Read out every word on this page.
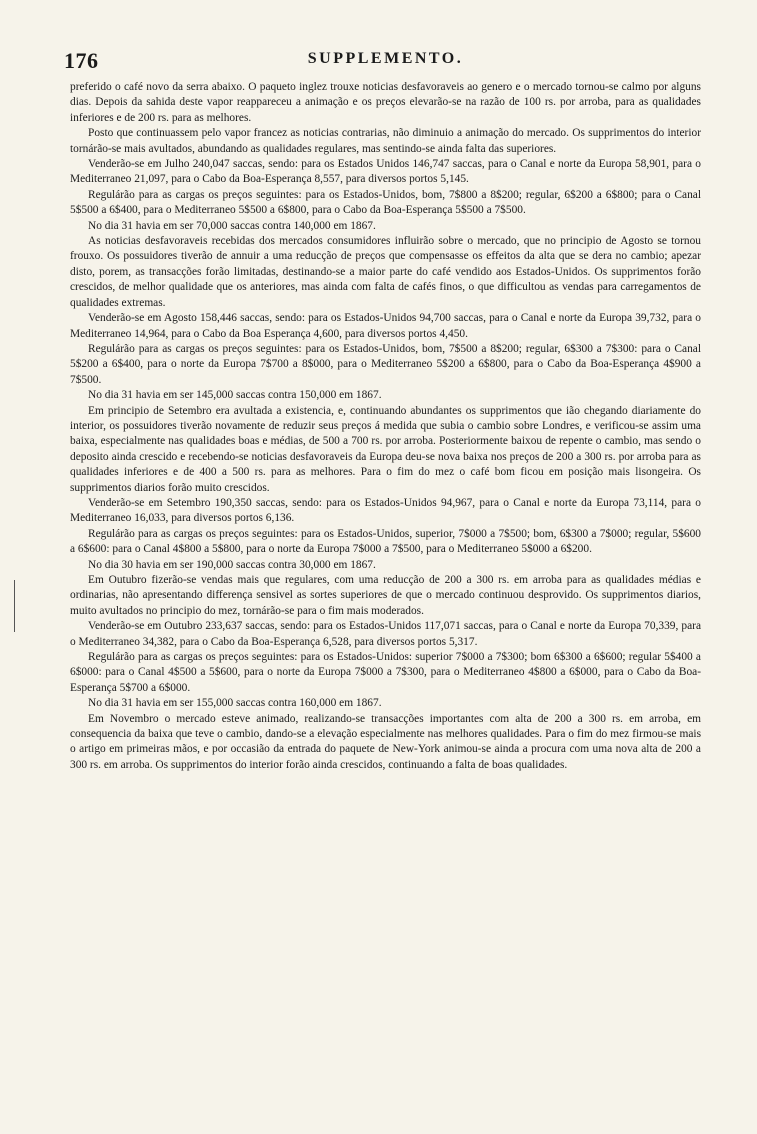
176	SUPPLEMENTO.

preferido o café novo da serra abaixo. O paqueto inglez trouxe noticias desfavoraveis ao genero e o mercado tornou-se calmo por alguns dias. Depois da sahida deste vapor reappareceu a animação e os preços elevarão-se na razão de 100 rs. por arroba, para as qualidades inferiores e de 200 rs. para as melhores.

Posto que continuassem pelo vapor francez as noticias contrarias, não diminuio a animação do mercado. Os supprimentos do interior tornárão-se mais avultados, abundando as qualidades regulares, mas sentindo-se ainda falta das superiores.

Venderão-se em Julho 240,047 saccas, sendo: para os Estados Unidos 146,747 saccas, para o Canal e norte da Europa 58,901, para o Mediterraneo 21,097, para o Cabo da Boa-Esperança 8,557, para diversos portos 5,145.

Regulárão para as cargas os preços seguintes: para os Estados-Unidos, bom, 7$800 a 8$200; regular, 6$200 a 6$800; para o Canal 5$500 a 6$400, para o Mediterraneo 5$500 a 6$800, para o Cabo da Boa-Esperança 5$500 a 7$500.

No dia 31 havia em ser 70,000 saccas contra 140,000 em 1867.

As noticias desfavoraveis recebidas dos mercados consumidores influirão sobre o mercado, que no principio de Agosto se tornou frouxo. Os possuidores tiverão de annuir a uma reducção de preços que compensasse os effeitos da alta que se dera no cambio; apezar disto, porem, as transacções forão limitadas, destinando-se a maior parte do café vendido aos Estados-Unidos. Os supprimentos forão crescidos, de melhor qualidade que os anteriores, mas ainda com falta de cafés finos, o que difficultou as vendas para carregamentos de qualidades extremas.

Venderão-se em Agosto 158,446 saccas, sendo: para os Estados-Unidos 94,700 saccas, para o Canal e norte da Europa 39,732, para o Mediterraneo 14,964, para o Cabo da Boa Esperança 4,600, para diversos portos 4,450.

Regulárão para as cargas os preços seguintes: para os Estados-Unidos, bom, 7$500 a 8$200; regular, 6$300 a 7$300: para o Canal 5$200 a 6$400, para o norte da Europa 7$700 a 8$000, para o Mediterraneo 5$200 a 6$800, para o Cabo da Boa-Esperança 4$900 a 7$500.

No dia 31 havia em ser 145,000 saccas contra 150,000 em 1867.

Em principio de Setembro era avultada a existencia, e, continuando abundantes os supprimentos que ião chegando diariamente do interior, os possuidores tiverão novamente de reduzir seus preços á medida que subia o cambio sobre Londres, e verificou-se assim uma baixa, especialmente nas qualidades boas e médias, de 500 a 700 rs. por arroba. Posteriormente baixou de repente o cambio, mas sendo o deposito ainda crescido e recebendo-se noticias desfavoraveis da Europa deu-se nova baixa nos preços de 200 a 300 rs. por arroba para as qualidades inferiores e de 400 a 500 rs. para as melhores. Para o fim do mez o café bom ficou em posição mais lisongeira. Os supprimentos diarios forão muito crescidos.

Venderão-se em Setembro 190,350 saccas, sendo: para os Estados-Unidos 94,967, para o Canal e norte da Europa 73,114, para o Mediterraneo 16,033, para diversos portos 6,136.

Regulárão para as cargas os preços seguintes: para os Estados-Unidos, superior, 7$000 a 7$500; bom, 6$300 a 7$000; regular, 5$600 a 6$600: para o Canal 4$800 a 5$800, para o norte da Europa 7$000 a 7$500, para o Mediterraneo 5$000 a 6$200.

No dia 30 havia em ser 190,000 saccas contra 30,000 em 1867.

Em Outubro fizerão-se vendas mais que regulares, com uma reducção de 200 a 300 rs. em arroba para as qualidades médias e ordinarias, não apresentando differença sensivel as sortes superiores de que o mercado continuou desprovido. Os supprimentos diarios, muito avultados no principio do mez, tornárão-se para o fim mais moderados.

Venderão-se em Outubro 233,637 saccas, sendo: para os Estados-Unidos 117,071 saccas, para o Canal e norte da Europa 70,339, para o Mediterraneo 34,382, para o Cabo da Boa-Esperança 6,528, para diversos portos 5,317.

Regulárão para as cargas os preços seguintes: para os Estados-Unidos: superior 7$000 a 7$300; bom 6$300 a 6$600; regular 5$400 a 6$000: para o Canal 4$500 a 5$600, para o norte da Europa 7$000 a 7$300, para o Mediterraneo 4$800 a 6$000, para o Cabo da Boa-Esperança 5$700 a 6$000.

No dia 31 havia em ser 155,000 saccas contra 160,000 em 1867.

Em Novembro o mercado esteve animado, realizando-se transacções importantes com alta de 200 a 300 rs. em arroba, em consequencia da baixa que teve o cambio, dando-se a elevação especialmente nas melhores qualidades. Para o fim do mez firmou-se mais o artigo em primeiras mãos, e por occasião da entrada do paquete de New-York animou-se ainda a procura com uma nova alta de 200 a 300 rs. em arroba. Os supprimentos do interior forão ainda crescidos, continuando a falta de boas qualidades.
